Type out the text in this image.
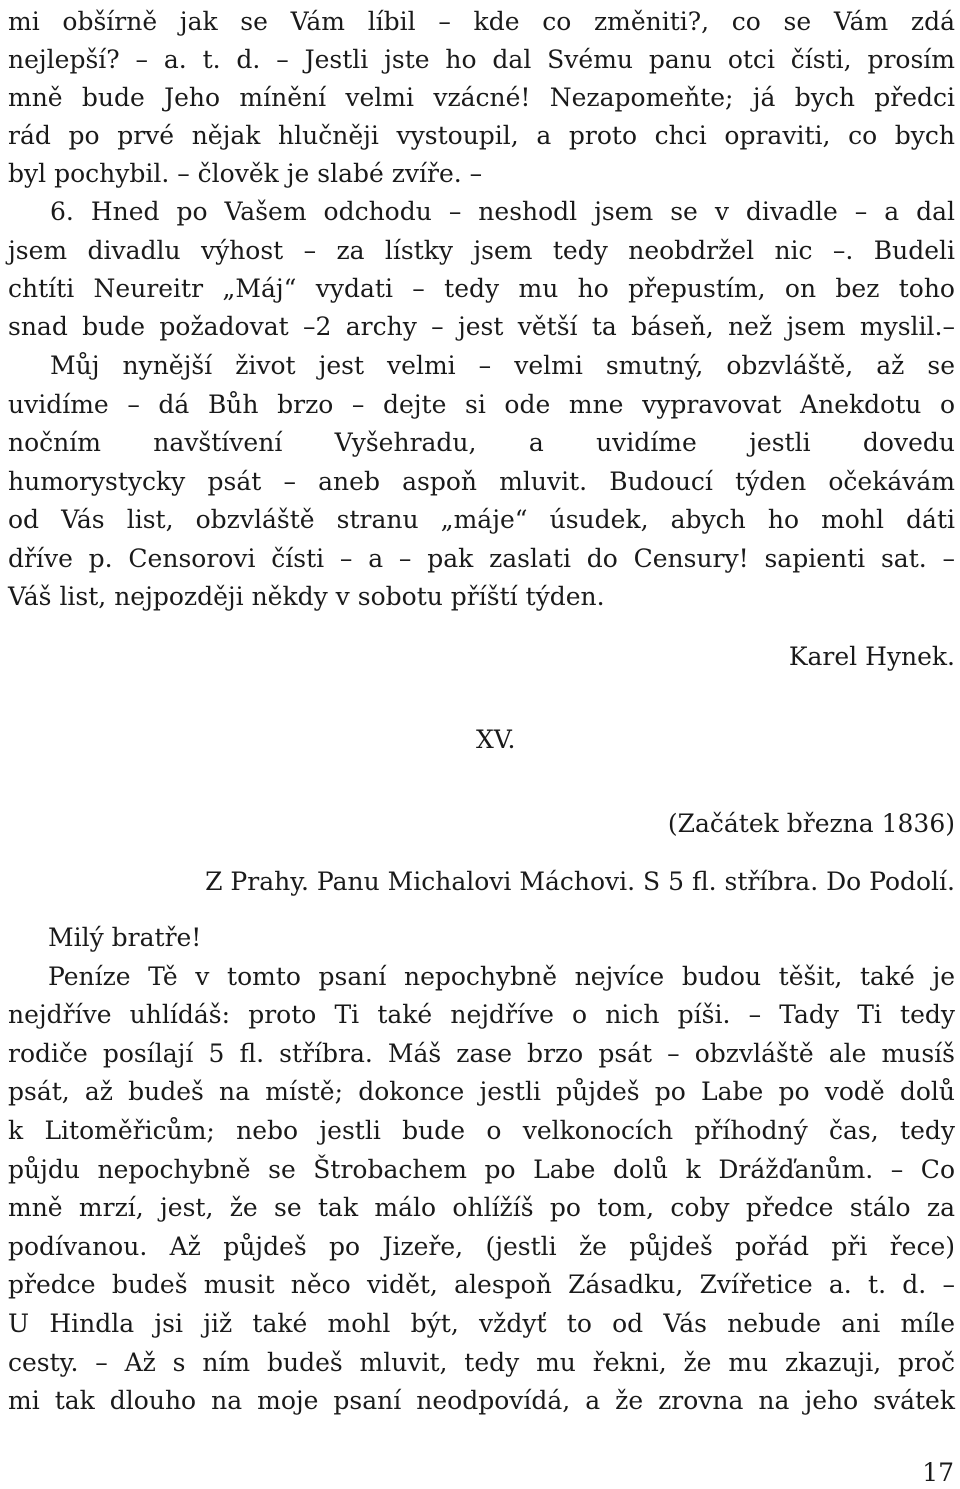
mi obšírně jak se Vám líbil – kde co změniti?, co se Vám zdá
nejlepší? – a. t. d. – Jestli jste ho dal Svému panu otci čísti, prosím
mně bude Jeho mínění velmi vzácné! Nezapomeňte; já bych předci
rád po prvé nějak hlučněji vystoupil, a proto chci opraviti, co bych
byl pochybil. – člověk je slabé zvíře. –
6. Hned po Vašem odchodu – neshodl jsem se v divadle – a dal
jsem divadlu výhost – za lístky jsem tedy neobdržel nic –. Budeli
chtíti Neureitr „Máj“ vydati – tedy mu ho přepustím, on bez toho
snad bude požadovat –2 archy – jest větší ta báseň, než jsem myslil.–
Můj nynější život jest velmi – velmi smutný, obzvláště, až se
uvidíme – dá Bůh brzo – dejte si ode mne vypravovat Anekdotu o
nočním navštívení Vyšehradu, a uvidíme jestli dovedu
humorystycky psát – aneb aspoň mluvit. Budoucí týden očekávám
od Vás list, obzvláště stranu „máje“ úsudek, abych ho mohl dáti
dříve p. Censorovi čísti – a – pak zaslati do Censury! sapienti sat. –
Váš list, nejpozději někdy v sobotu příští týden.
Karel Hynek.
XV.
(Začátek března 1836)
Z Prahy. Panu Michalovi Máchovi. S 5 fl. stříbra. Do Podolí.
Milý bratře!
Peníze Tě v tomto psaní nepochybně nejvíce budou těšit, také je
nejdříve uhlídáš: proto Ti také nejdříve o nich píši. – Tady Ti tedy
rodiče posílají 5 fl. stříbra. Máš zase brzo psát – obzvláště ale musíš
psát, až budeš na místě; dokonce jestli půjdeš po Labe po vodě dolů
k Litoměřicům; nebo jestli bude o velkonocích příhodný čas, tedy
půjdu nepochybně se Štrobachem po Labe dolů k Drážďanům. – Co
mně mrzí, jest, že se tak málo ohlížíš po tom, coby předce stálo za
podívanou. Až půjdeš po Jizeře, (jestli že půjdeš pořád při řece)
předce budeš musit něco vidět, alespoň Zásadku, Zvířetice a. t. d. –
U Hindla jsi již také mohl být, vždyť to od Vás nebude ani míle
cesty. – Až s ním budeš mluvit, tedy mu řekni, že mu zkazuji, proč
mi tak dlouho na moje psaní neodpovídá, a že zrovna na jeho svátek
17
